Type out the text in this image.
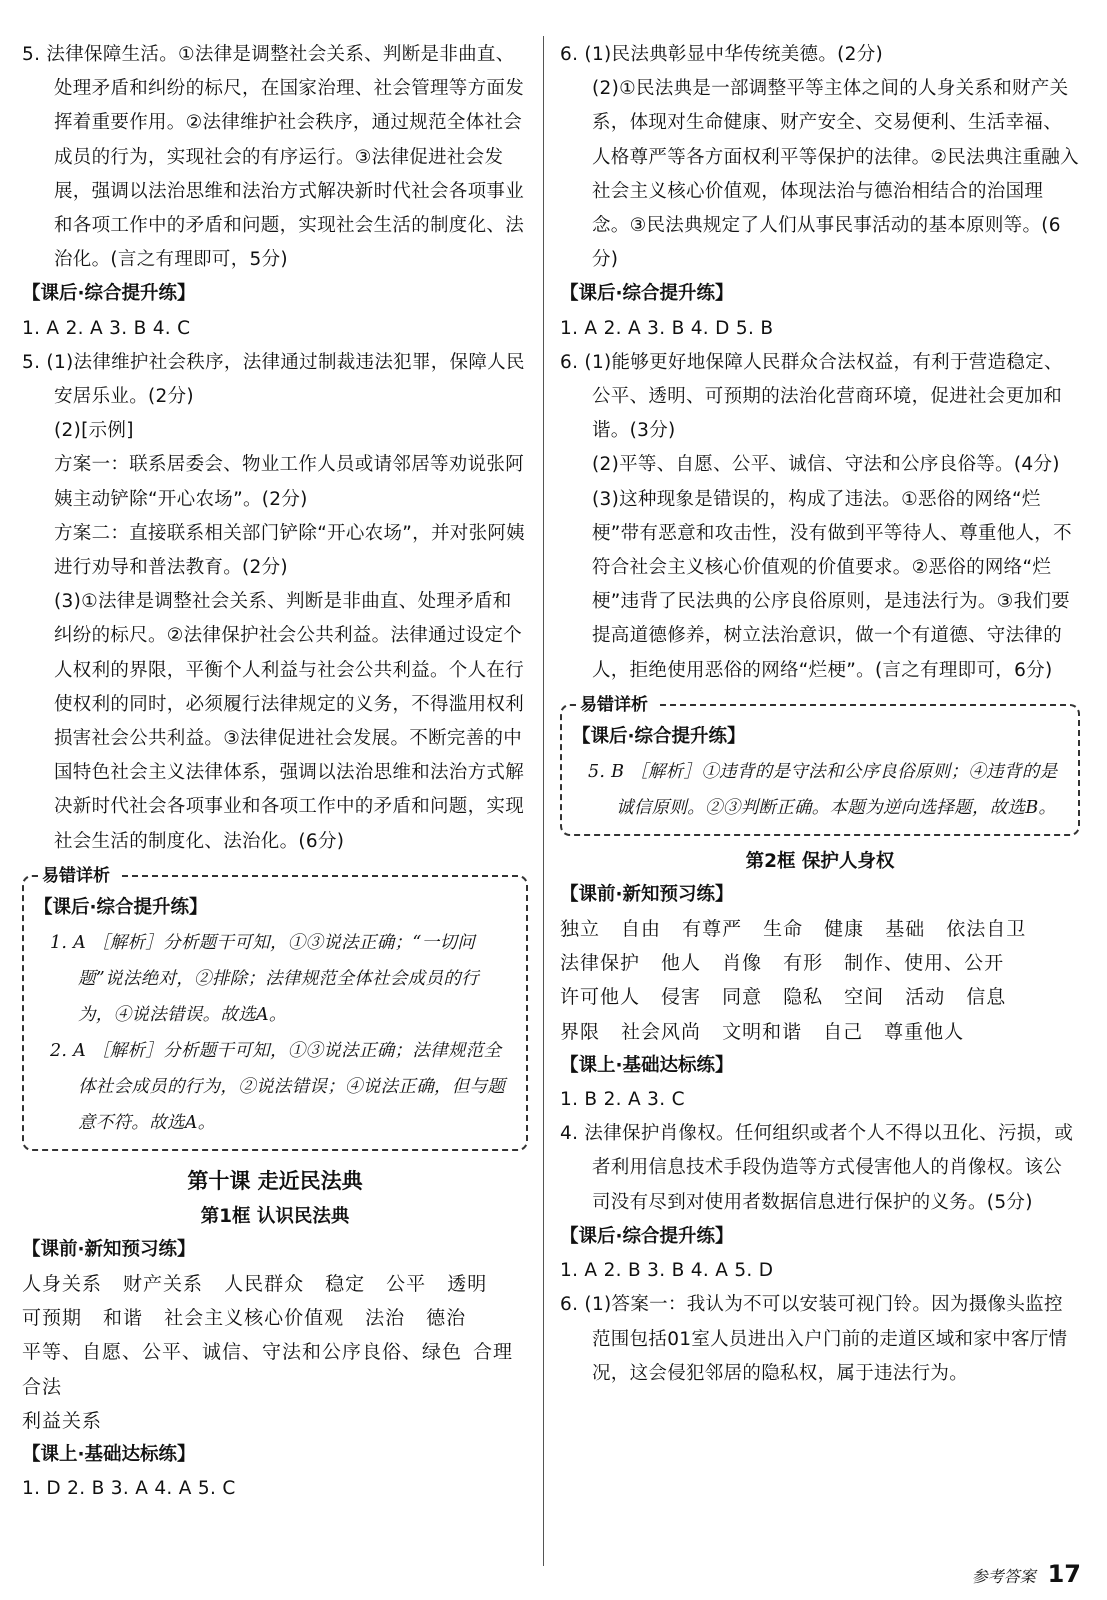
5. 法律保障生活。①法律是调整社会关系、判断是非曲直、处理矛盾和纠纷的标尺，在国家治理、社会管理等方面发挥着重要作用。②法律维护社会秩序，通过规范全体社会成员的行为，实现社会的有序运行。③法律促进社会发展，强调以法治思维和法治方式解决新时代社会各项事业和各项工作中的矛盾和问题，实现社会生活的制度化、法治化。(言之有理即可，5分)

【课后·综合提升练】

1. A 2. A 3. B 4. C

5. (1)法律维护社会秩序，法律通过制裁违法犯罪，保障人民安居乐业。(2分)

(2)[示例]

方案一：联系居委会、物业工作人员或请邻居等劝说张阿姨主动铲除“开心农场”。(2分)

方案二：直接联系相关部门铲除“开心农场”，并对张阿姨进行劝导和普法教育。(2分)

(3)①法律是调整社会关系、判断是非曲直、处理矛盾和纠纷的标尺。②法律保护社会公共利益。法律通过设定个人权利的界限，平衡个人利益与社会公共利益。个人在行使权利的同时，必须履行法律规定的义务，不得滥用权利损害社会公共利益。③法律促进社会发展。不断完善的中国特色社会主义法律体系，强调以法治思维和法治方式解决新时代社会各项事业和各项工作中的矛盾和问题，实现社会生活的制度化、法治化。(6分)

易错详析

【课后·综合提升练】

1. A ［解析］分析题干可知，①③说法正确；“一切问题”说法绝对，②排除；法律规范全体社会成员的行为，④说法错误。故选A。

2. A ［解析］分析题干可知，①③说法正确；法律规范全体社会成员的行为，②说法错误；④说法正确，但与题意不符。故选A。

第十课 走近民法典

第1框 认识民法典

【课前·新知预习练】

人身关系 财产关系 人民群众 稳定 公平 透明

可预期 和谐 社会主义核心价值观 法治 德治

平等、自愿、公平、诚信、守法和公序良俗、绿色 合理合法

利益关系

【课上·基础达标练】

1. D 2. B 3. A 4. A 5. C

6. (1)民法典彰显中华传统美德。(2分)

(2)①民法典是一部调整平等主体之间的人身关系和财产关系，体现对生命健康、财产安全、交易便利、生活幸福、人格尊严等各方面权利平等保护的法律。②民法典注重融入社会主义核心价值观，体现法治与德治相结合的治国理念。③民法典规定了人们从事民事活动的基本原则等。(6分)

【课后·综合提升练】

1. A 2. A 3. B 4. D 5. B

6. (1)能够更好地保障人民群众合法权益，有利于营造稳定、公平、透明、可预期的法治化营商环境，促进社会更加和谐。(3分)

(2)平等、自愿、公平、诚信、守法和公序良俗等。(4分)

(3)这种现象是错误的，构成了违法。①恶俗的网络“烂梗”带有恶意和攻击性，没有做到平等待人、尊重他人，不符合社会主义核心价值观的价值要求。②恶俗的网络“烂梗”违背了民法典的公序良俗原则，是违法行为。③我们要提高道德修养，树立法治意识，做一个有道德、守法律的人，拒绝使用恶俗的网络“烂梗”。(言之有理即可，6分)

易错详析

【课后·综合提升练】

5. B ［解析］①违背的是守法和公序良俗原则；④违背的是诚信原则。②③判断正确。本题为逆向选择题，故选B。

第2框 保护人身权

【课前·新知预习练】

独立 自由 有尊严 生命 健康 基础 依法自卫

法律保护 他人 肖像 有形 制作、使用、公开

许可他人 侵害 同意 隐私 空间 活动 信息

界限 社会风尚 文明和谐 自己 尊重他人

【课上·基础达标练】

1. B 2. A 3. C

4. 法律保护肖像权。任何组织或者个人不得以丑化、污损，或者利用信息技术手段伪造等方式侵害他人的肖像权。该公司没有尽到对使用者数据信息进行保护的义务。(5分)

【课后·综合提升练】

1. A 2. B 3. B 4. A 5. D

6. (1)答案一：我认为不可以安装可视门铃。因为摄像头监控范围包括01室人员进出入户门前的走道区域和家中客厅情况，这会侵犯邻居的隐私权，属于违法行为。

参考答案 17
